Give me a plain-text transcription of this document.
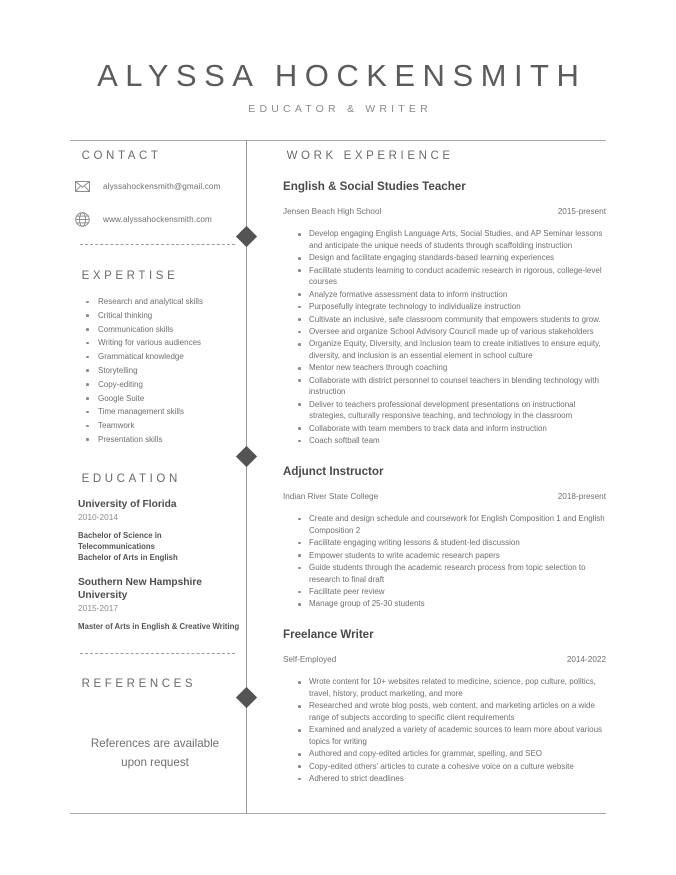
ALYSSA HOCKENSMITH
EDUCATOR & WRITER
CONTACT
alyssahockensmith@gmail.com
www.alyssahockensmith.com
EXPERTISE
Research and analytical skills
Critical thinking
Communication skills
Writing for various audiences
Grammatical knowledge
Storytelling
Copy-editing
Google Suite
Time management skills
Teamwork
Presentation skills
EDUCATION
University of Florida
2010-2014
Bachelor of Science in Telecommunications
Bachelor of Arts in English
Southern New Hampshire University
2015-2017
Master of Arts in English & Creative Writing
REFERENCES
References are available
upon request
WORK EXPERIENCE
English & Social Studies Teacher
Jensen Beach High School	2015-present
Develop engaging English Language Arts, Social Studies, and AP Seminar lessons and anticipate the unique needs of students through scaffolding instruction
Design and facilitate engaging standards-based learning experiences
Facilitate students learning to conduct academic research in rigorous, college-level courses
Analyze formative assessment data to inform instruction
Purposefully integrate technology to individualize instruction
Cultivate an inclusive, safe classroom community that empowers students to grow.
Oversee and organize School Advisory Council made up of various stakeholders
Organize Equity, Diversity, and Inclusion team to create initiatives to ensure equity, diversity, and inclusion is an essential element in school culture
Mentor new teachers through coaching
Collaborate with district personnel to counsel teachers in blending technology with instruction
Deliver to teachers professional development presentations on instructional strategies, culturally responsive teaching, and technology in the classroom
Collaborate with team members to track data and inform instruction
Coach softball team
Adjunct Instructor
Indian River State College	2018-present
Create and design schedule and coursework for English Composition 1 and English Composition 2
Facilitate engaging writing lessons & student-led discussion
Empower students to write academic research papers
Guide students through the academic research process from topic selection to research to final draft
Facilitate peer review
Manage group of 25-30 students
Freelance Writer
Self-Employed	2014-2022
Wrote content for 10+ websites related to medicine, science, pop culture, politics, travel, history, product marketing, and more
Researched and wrote blog posts, web content, and marketing articles on a wide range of subjects according to specific client requirements
Examined and analyzed a variety of academic sources to learn more about various topics for writing
Authored and copy-edited articles for grammar, spelling, and SEO
Copy-edited others' articles to curate a cohesive voice on a culture website
Adhered to strict deadlines
